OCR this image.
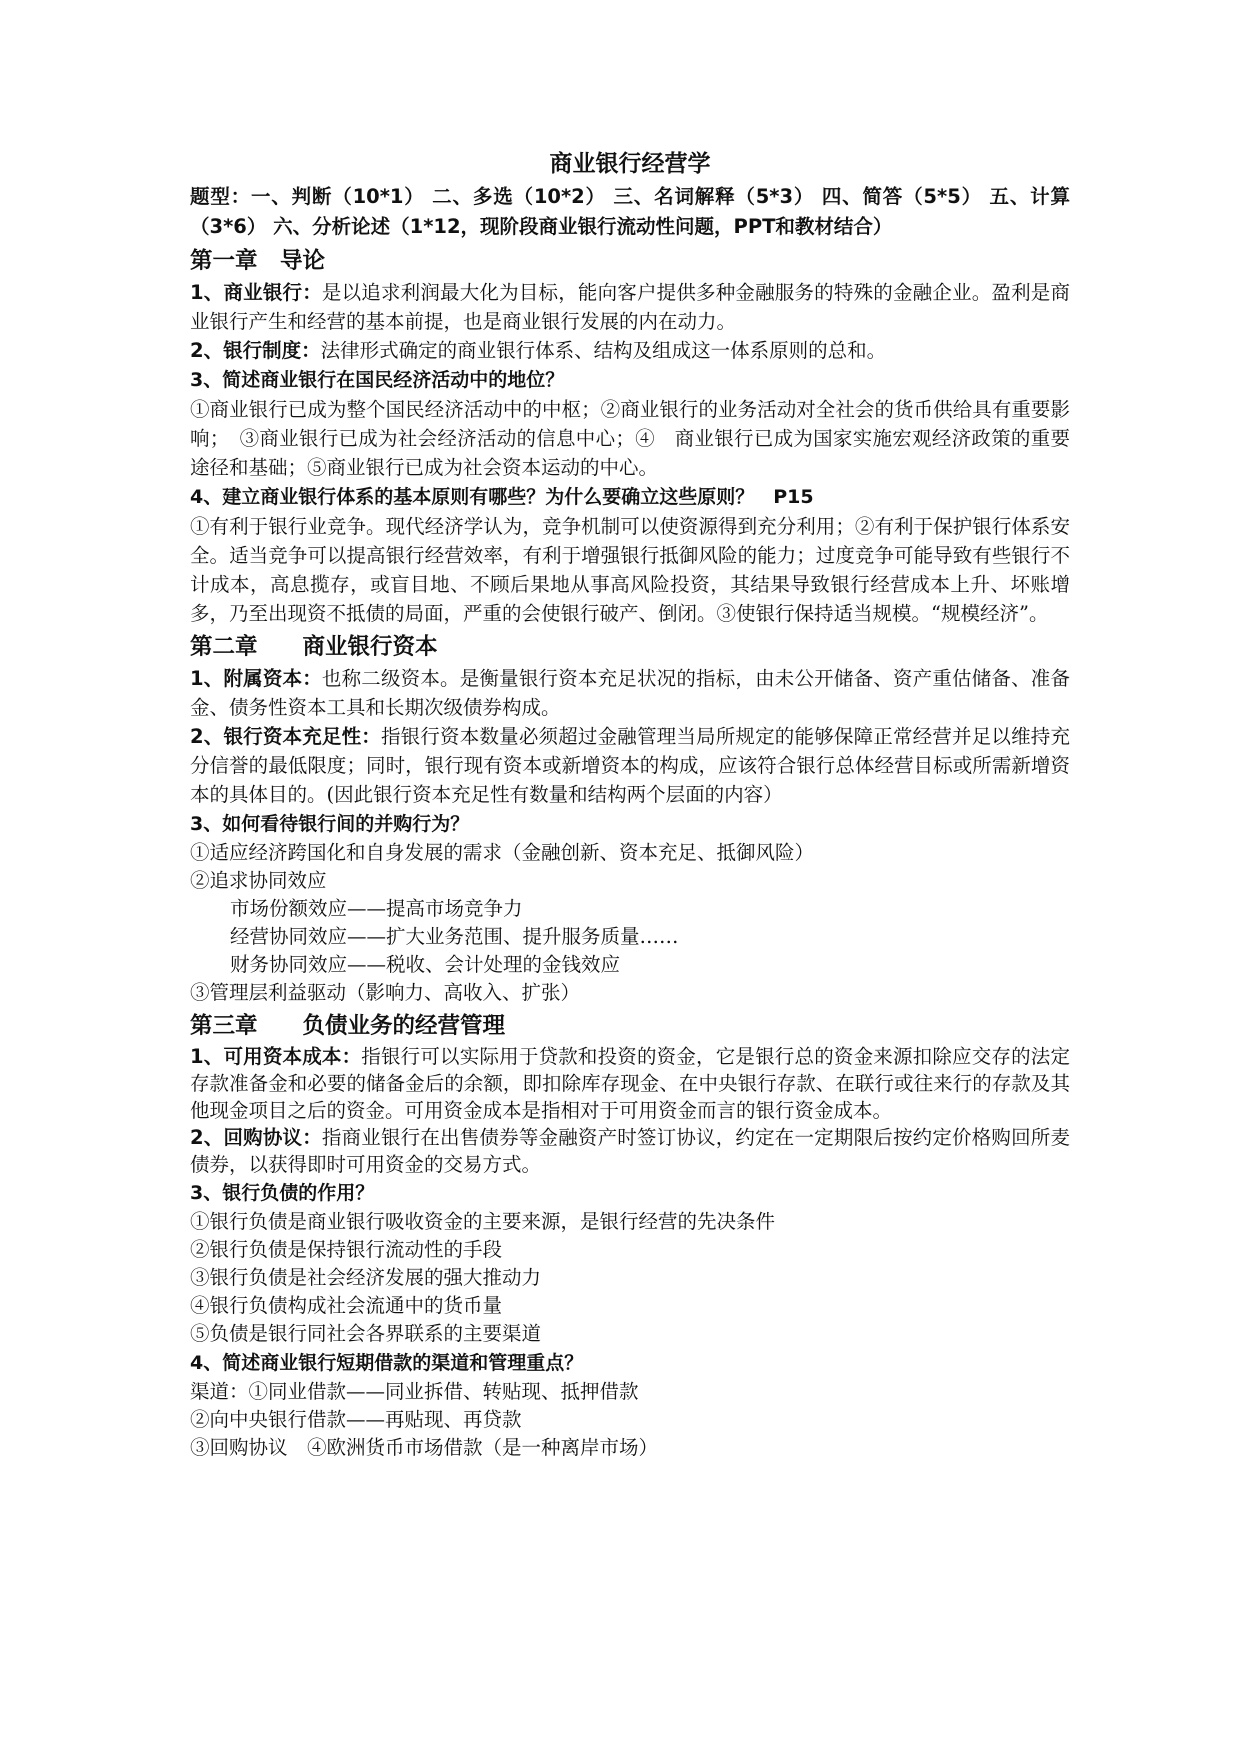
商业银行经营学

题型：一、判断（10*1） 二、多选（10*2） 三、名词解释（5*3） 四、简答（5*5） 五、计算（3*6） 六、分析论述（1*12，现阶段商业银行流动性问题，PPT和教材结合）

第一章　导论

1、商业银行：是以追求利润最大化为目标，能向客户提供多种金融服务的特殊的金融企业。盈利是商业银行产生和经营的基本前提，也是商业银行发展的内在动力。

2、银行制度：法律形式确定的商业银行体系、结构及组成这一体系原则的总和。

3、简述商业银行在国民经济活动中的地位？

①商业银行已成为整个国民经济活动中的中枢；②商业银行的业务活动对全社会的货币供给具有重要影响；　③商业银行已成为社会经济活动的信息中心；④　商业银行已成为国家实施宏观经济政策的重要途径和基础；⑤商业银行已成为社会资本运动的中心。

4、建立商业银行体系的基本原则有哪些？为什么要确立这些原则？　P15

①有利于银行业竞争。现代经济学认为，竞争机制可以使资源得到充分利用；②有利于保护银行体系安全。适当竞争可以提高银行经营效率，有利于增强银行抵御风险的能力；过度竞争可能导致有些银行不计成本，高息揽存，或盲目地、不顾后果地从事高风险投资，其结果导致银行经营成本上升、坏账增多，乃至出现资不抵债的局面，严重的会使银行破产、倒闭。③使银行保持适当规模。“规模经济”。

第二章　　商业银行资本

1、附属资本：也称二级资本。是衡量银行资本充足状况的指标，由未公开储备、资产重估储备、准备金、债务性资本工具和长期次级债券构成。

2、银行资本充足性：指银行资本数量必须超过金融管理当局所规定的能够保障正常经营并足以维持充分信誉的最低限度；同时，银行现有资本或新增资本的构成，应该符合银行总体经营目标或所需新增资本的具体目的。(因此银行资本充足性有数量和结构两个层面的内容）

3、如何看待银行间的并购行为？

①适应经济跨国化和自身发展的需求（金融创新、资本充足、抵御风险）

②追求协同效应

市场份额效应——提高市场竞争力

经营协同效应——扩大业务范围、提升服务质量……

财务协同效应——税收、会计处理的金钱效应

③管理层利益驱动（影响力、高收入、扩张）

第三章　　负债业务的经营管理

1、可用资本成本：指银行可以实际用于贷款和投资的资金，它是银行总的资金来源扣除应交存的法定存款准备金和必要的储备金后的余额，即扣除库存现金、在中央银行存款、在联行或往来行的存款及其他现金项目之后的资金。可用资金成本是指相对于可用资金而言的银行资金成本。

2、回购协议：指商业银行在出售债券等金融资产时签订协议，约定在一定期限后按约定价格购回所麦债券，以获得即时可用资金的交易方式。

3、银行负债的作用？

①银行负债是商业银行吸收资金的主要来源，是银行经营的先决条件

②银行负债是保持银行流动性的手段

③银行负债是社会经济发展的强大推动力

④银行负债构成社会流通中的货币量

⑤负债是银行同社会各界联系的主要渠道

4、简述商业银行短期借款的渠道和管理重点？

渠道：①同业借款——同业拆借、转贴现、抵押借款

②向中央银行借款——再贴现、再贷款

③回购协议　④欧洲货币市场借款（是一种离岸市场）
